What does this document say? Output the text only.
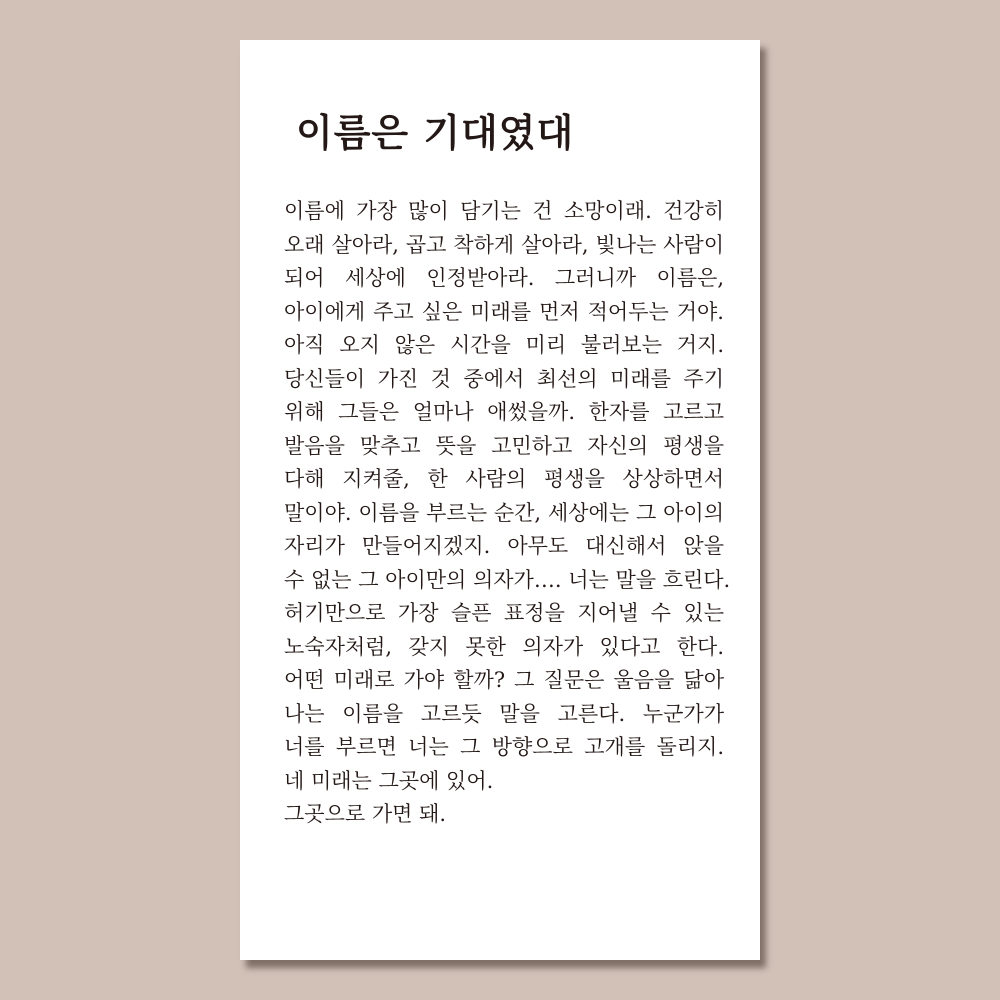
이름은 기대였대
이름에 가장 많이 담기는 건 소망이래. 건강히
오래 살아라, 곱고 착하게 살아라, 빛나는 사람이
되어 세상에 인정받아라. 그러니까 이름은,
아이에게 주고 싶은 미래를 먼저 적어두는 거야.
아직 오지 않은 시간을 미리 불러보는 거지.
당신들이 가진 것 중에서 최선의 미래를 주기
위해 그들은 얼마나 애썼을까. 한자를 고르고
발음을 맞추고 뜻을 고민하고 자신의 평생을
다해 지켜줄, 한 사람의 평생을 상상하면서
말이야. 이름을 부르는 순간, 세상에는 그 아이의
자리가 만들어지겠지. 아무도 대신해서 앉을
수 없는 그 아이만의 의자가…. 너는 말을 흐린다.
허기만으로 가장 슬픈 표정을 지어낼 수 있는
노숙자처럼, 갖지 못한 의자가 있다고 한다.
어떤 미래로 가야 할까? 그 질문은 울음을 닮아
나는 이름을 고르듯 말을 고른다. 누군가가
너를 부르면 너는 그 방향으로 고개를 돌리지.
네 미래는 그곳에 있어.
그곳으로 가면 돼.
